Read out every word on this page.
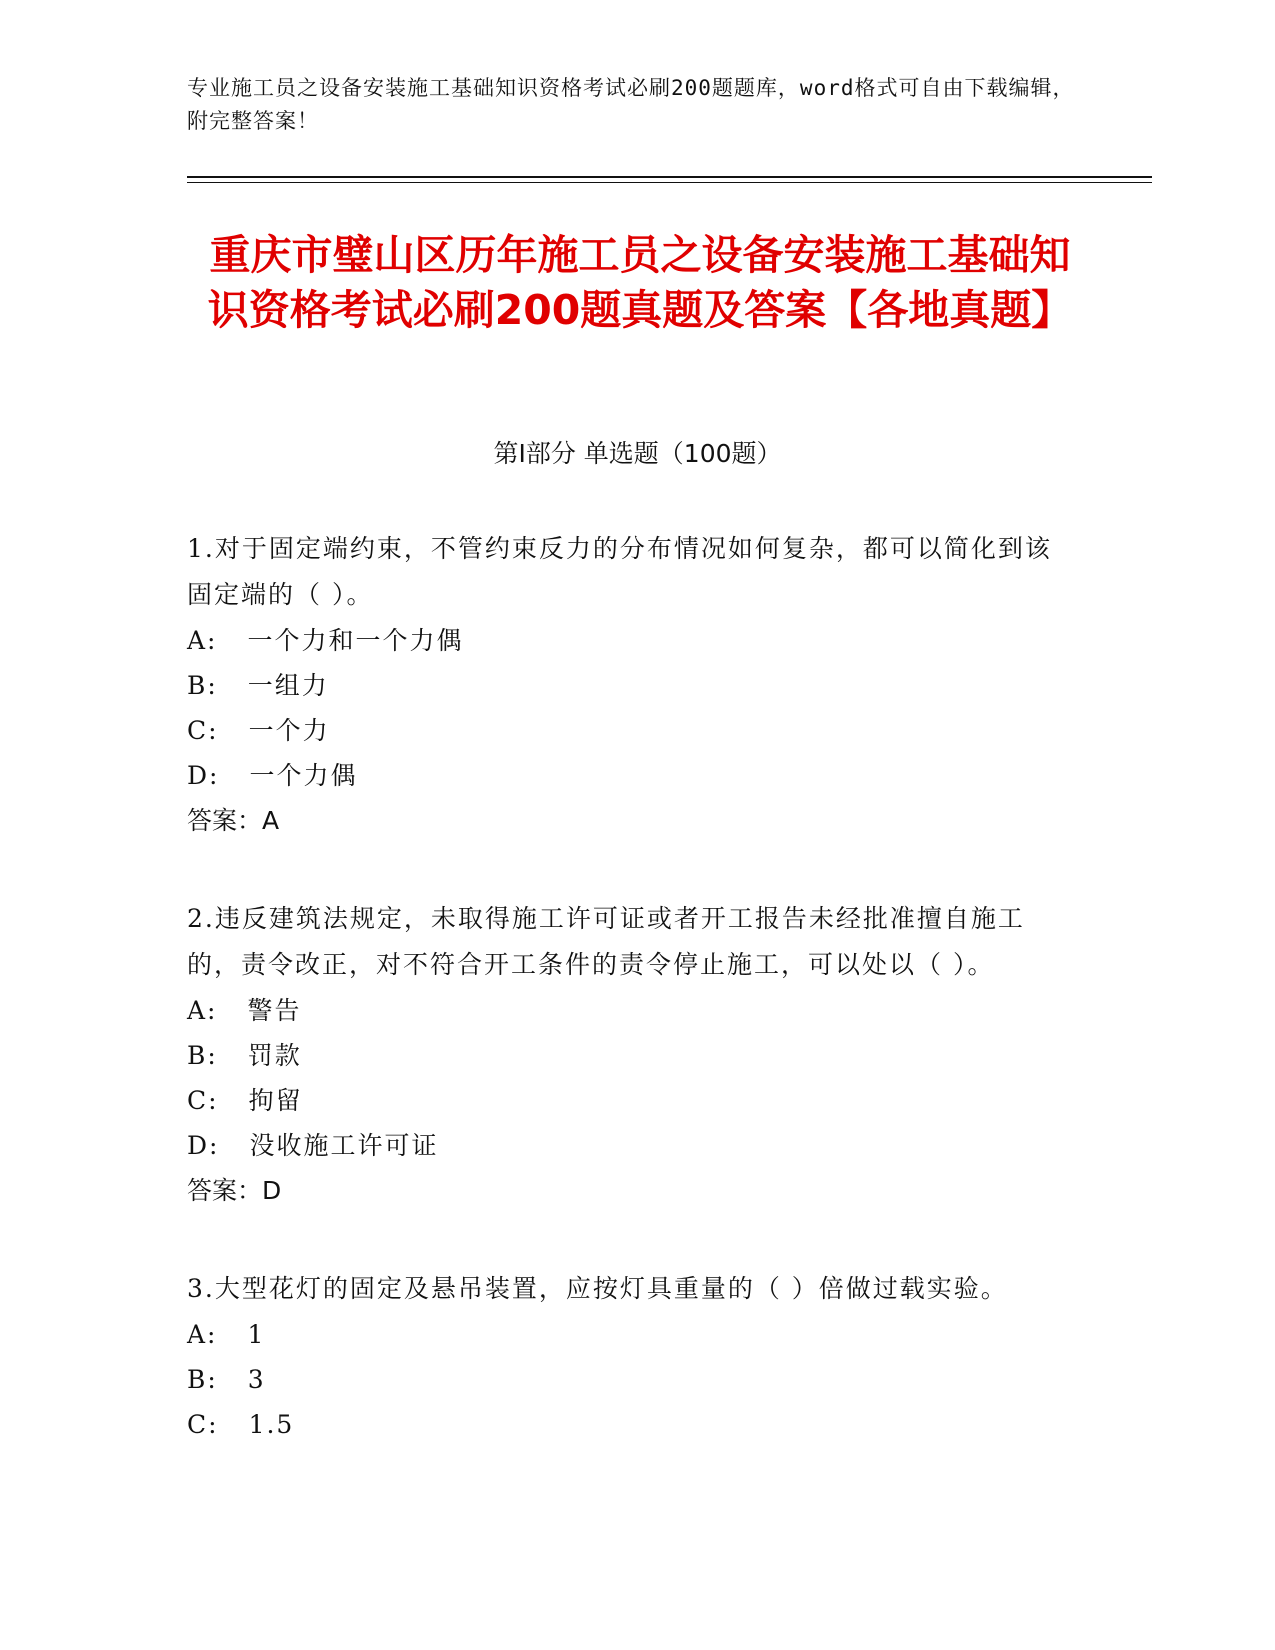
专业施工员之设备安装施工基础知识资格考试必刷200题题库，word格式可自由下载编辑，附完整答案！
重庆市璧山区历年施工员之设备安装施工基础知识资格考试必刷200题真题及答案【各地真题】
第Ⅰ部分 单选题（100题）

1.对于固定端约束，不管约束反力的分布情况如何复杂，都可以简化到该固定端的（ ）。

A: 一个力和一个力偶

B: 一组力

C: 一个力

D: 一个力偶

答案：A

2.违反建筑法规定，未取得施工许可证或者开工报告未经批准擅自施工的，责令改正，对不符合开工条件的责令停止施工，可以处以（ ）。

A: 警告

B: 罚款

C: 拘留

D: 没收施工许可证

答案：D

3.大型花灯的固定及悬吊装置，应按灯具重量的（ ）倍做过载实验。

A: 1

B: 3

C: 1.5
